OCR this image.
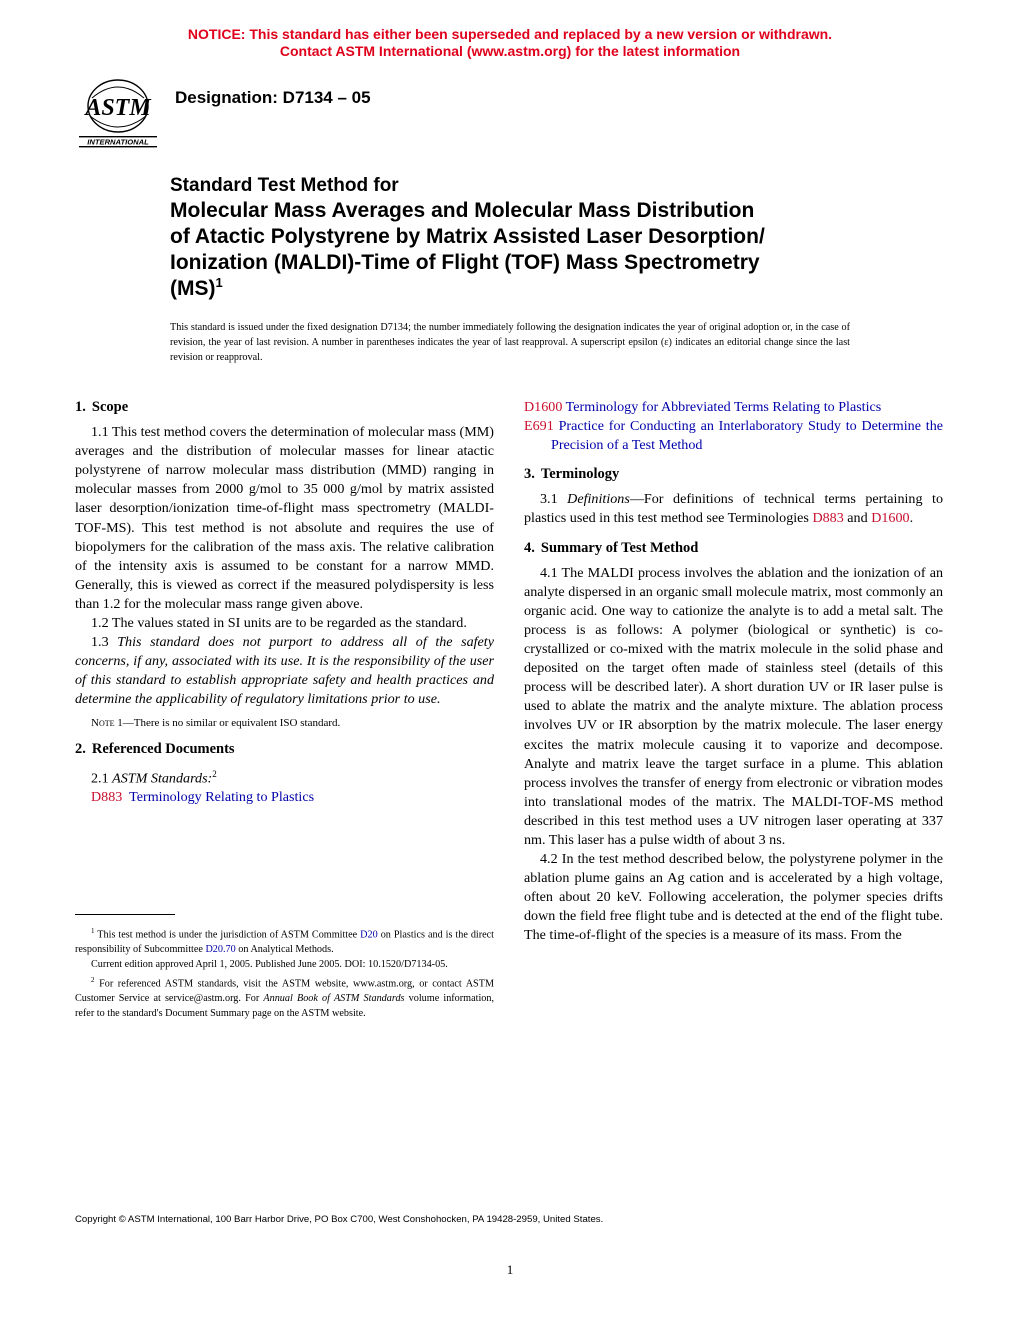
NOTICE: This standard has either been superseded and replaced by a new version or withdrawn.
Contact ASTM International (www.astm.org) for the latest information
ASTM
INTERNATIONAL
Designation: D7134 – 05
Standard Test Method for
Molecular Mass Averages and Molecular Mass Distribution
of Atactic Polystyrene by Matrix Assisted Laser Desorption/
Ionization (MALDI)-Time of Flight (TOF) Mass Spectrometry
(MS)$^1$
This standard is issued under the fixed designation D7134; the number immediately following the designation indicates the year of original adoption or, in the case of revision, the year of last revision. A number in parentheses indicates the year of last reapproval. A superscript epsilon (ε) indicates an editorial change since the last revision or reapproval.

1. Scope

1.1 This test method covers the determination of molecular mass (MM) averages and the distribution of molecular masses for linear atactic polystyrene of narrow molecular mass distribution (MMD) ranging in molecular masses from 2000 g/mol to 35 000 g/mol by matrix assisted laser desorption/ionization time-of-flight mass spectrometry (MALDI-TOF-MS). This test method is not absolute and requires the use of biopolymers for the calibration of the mass axis. The relative calibration of the intensity axis is assumed to be constant for a narrow MMD. Generally, this is viewed as correct if the measured polydispersity is less than 1.2 for the molecular mass range given above.

1.2 The values stated in SI units are to be regarded as the standard.

1.3 This standard does not purport to address all of the safety concerns, if any, associated with its use. It is the responsibility of the user of this standard to establish appropriate safety and health practices and determine the applicability of regulatory limitations prior to use.

Note 1—There is no similar or equivalent ISO standard.

2. Referenced Documents

2.1 ASTM Standards:$^2$

D883 Terminology Relating to Plastics

$^1$ This test method is under the jurisdiction of ASTM Committee D20 on Plastics and is the direct responsibility of Subcommittee D20.70 on Analytical Methods.

Current edition approved April 1, 2005. Published June 2005. DOI: 10.1520/D7134-05.

$^2$ For referenced ASTM standards, visit the ASTM website, www.astm.org, or contact ASTM Customer Service at service@astm.org. For Annual Book of ASTM Standards volume information, refer to the standard's Document Summary page on the ASTM website.

D1600 Terminology for Abbreviated Terms Relating to Plastics

E691 Practice for Conducting an Interlaboratory Study to Determine the Precision of a Test Method

3. Terminology

3.1 Definitions—For definitions of technical terms pertaining to plastics used in this test method see Terminologies D883 and D1600.

4. Summary of Test Method

4.1 The MALDI process involves the ablation and the ionization of an analyte dispersed in an organic small molecule matrix, most commonly an organic acid. One way to cationize the analyte is to add a metal salt. The process is as follows: A polymer (biological or synthetic) is co-crystallized or co-mixed with the matrix molecule in the solid phase and deposited on the target often made of stainless steel (details of this process will be described later). A short duration UV or IR laser pulse is used to ablate the matrix and the analyte mixture. The ablation process involves UV or IR absorption by the matrix molecule. The laser energy excites the matrix molecule causing it to vaporize and decompose. Analyte and matrix leave the target surface in a plume. This ablation process involves the transfer of energy from electronic or vibration modes into translational modes of the matrix. The MALDI-TOF-MS method described in this test method uses a UV nitrogen laser operating at 337 nm. This laser has a pulse width of about 3 ns.

4.2 In the test method described below, the polystyrene polymer in the ablation plume gains an Ag cation and is accelerated by a high voltage, often about 20 keV. Following acceleration, the polymer species drifts down the field free flight tube and is detected at the end of the flight tube. The time-of-flight of the species is a measure of its mass. From the

Copyright © ASTM International, 100 Barr Harbor Drive, PO Box C700, West Conshohocken, PA 19428-2959, United States.
1
